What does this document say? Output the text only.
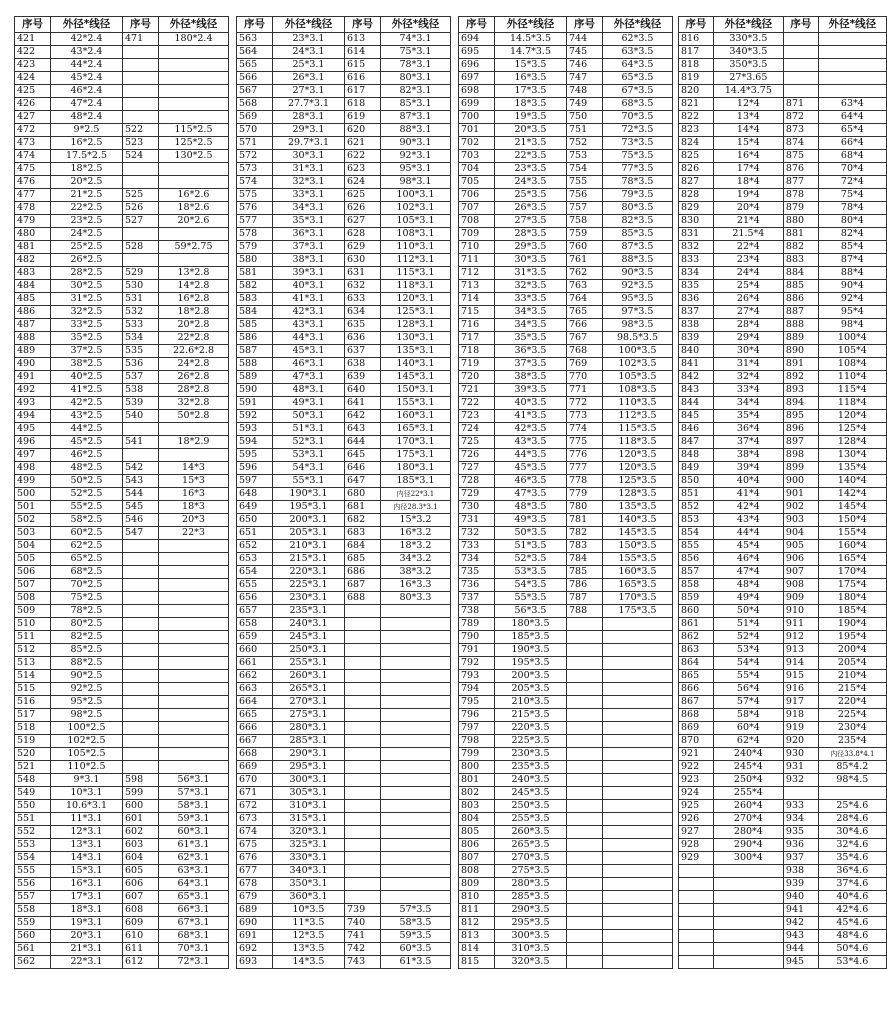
序号	外径*线径	序号	外径*线径
421	42*2.4	471	180*2.4
422	43*2.4		
423	44*2.4		
424	45*2.4		
425	46*2.4		
426	47*2.4		
427	48*2.4		
472	9*2.5	522	115*2.5
473	16*2.5	523	125*2.5
474	17.5*2.5	524	130*2.5
475	18*2.5		
476	20*2.5		
477	21*2.5	525	16*2.6
478	22*2.5	526	18*2.6
479	23*2.5	527	20*2.6
480	24*2.5		
481	25*2.5	528	59*2.75
482	26*2.5		
483	28*2.5	529	13*2.8
484	30*2.5	530	14*2.8
485	31*2.5	531	16*2.8
486	32*2.5	532	18*2.8
487	33*2.5	533	20*2.8
488	35*2.5	534	22*2.8
489	37*2.5	535	22.6*2.8
490	38*2.5	536	24*2.8
491	40*2.5	537	26*2.8
492	41*2.5	538	28*2.8
493	42*2.5	539	32*2.8
494	43*2.5	540	50*2.8
495	44*2.5		
496	45*2.5	541	18*2.9
497	46*2.5		
498	48*2.5	542	14*3
499	50*2.5	543	15*3
500	52*2.5	544	16*3
501	55*2.5	545	18*3
502	58*2.5	546	20*3
503	60*2.5	547	22*3
504	62*2.5		
505	65*2.5		
506	68*2.5		
507	70*2.5		
508	75*2.5		
509	78*2.5		
510	80*2.5		
511	82*2.5		
512	85*2.5		
513	88*2.5		
514	90*2.5		
515	92*2.5		
516	95*2.5		
517	98*2.5		
518	100*2.5		
519	102*2.5		
520	105*2.5		
521	110*2.5		
548	9*3.1	598	56*3.1
549	10*3.1	599	57*3.1
550	10.6*3.1	600	58*3.1
551	11*3.1	601	59*3.1
552	12*3.1	602	60*3.1
553	13*3.1	603	61*3.1
554	14*3.1	604	62*3.1
555	15*3.1	605	63*3.1
556	16*3.1	606	64*3.1
557	17*3.1	607	65*3.1
558	18*3.1	608	66*3.1
559	19*3.1	609	67*3.1
560	20*3.1	610	68*3.1
561	21*3.1	611	70*3.1
562	22*3.1	612	72*3.1
序号	外径*线径	序号	外径*线径
563	23*3.1	613	74*3.1
564	24*3.1	614	75*3.1
565	25*3.1	615	78*3.1
566	26*3.1	616	80*3.1
567	27*3.1	617	82*3.1
568	27.7*3.1	618	85*3.1
569	28*3.1	619	87*3.1
570	29*3.1	620	88*3.1
571	29.7*3.1	621	90*3.1
572	30*3.1	622	92*3.1
573	31*3.1	623	95*3.1
574	32*3.1	624	98*3.1
575	33*3.1	625	100*3.1
576	34*3.1	626	102*3.1
577	35*3.1	627	105*3.1
578	36*3.1	628	108*3.1
579	37*3.1	629	110*3.1
580	38*3.1	630	112*3.1
581	39*3.1	631	115*3.1
582	40*3.1	632	118*3.1
583	41*3.1	633	120*3.1
584	42*3.1	634	125*3.1
585	43*3.1	635	128*3.1
586	44*3.1	636	130*3.1
587	45*3.1	637	135*3.1
588	46*3.1	638	140*3.1
589	47*3.1	639	145*3.1
590	48*3.1	640	150*3.1
591	49*3.1	641	155*3.1
592	50*3.1	642	160*3.1
593	51*3.1	643	165*3.1
594	52*3.1	644	170*3.1
595	53*3.1	645	175*3.1
596	54*3.1	646	180*3.1
597	55*3.1	647	185*3.1
648	190*3.1	680	内径22*3.1
649	195*3.1	681	内径28.3*3.1
650	200*3.1	682	15*3.2
651	205*3.1	683	16*3.2
652	210*3.1	684	18*3.2
653	215*3.1	685	34*3.2
654	220*3.1	686	38*3.2
655	225*3.1	687	16*3.3
656	230*3.1	688	80*3.3
657	235*3.1		
658	240*3.1		
659	245*3.1		
660	250*3.1		
661	255*3.1		
662	260*3.1		
663	265*3.1		
664	270*3.1		
665	275*3.1		
666	280*3.1		
667	285*3.1		
668	290*3.1		
669	295*3.1		
670	300*3.1		
671	305*3.1		
672	310*3.1		
673	315*3.1		
674	320*3.1		
675	325*3.1		
676	330*3.1		
677	340*3.1		
678	350*3.1		
679	360*3.1		
689	10*3.5	739	57*3.5
690	11*3.5	740	58*3.5
691	12*3.5	741	59*3.5
692	13*3.5	742	60*3.5
693	14*3.5	743	61*3.5
序号	外径*线径	序号	外径*线径
694	14.5*3.5	744	62*3.5
695	14.7*3.5	745	63*3.5
696	15*3.5	746	64*3.5
697	16*3.5	747	65*3.5
698	17*3.5	748	67*3.5
699	18*3.5	749	68*3.5
700	19*3.5	750	70*3.5
701	20*3.5	751	72*3.5
702	21*3.5	752	73*3.5
703	22*3.5	753	75*3.5
704	23*3.5	754	77*3.5
705	24*3.5	755	78*3.5
706	25*3.5	756	79*3.5
707	26*3.5	757	80*3.5
708	27*3.5	758	82*3.5
709	28*3.5	759	85*3.5
710	29*3.5	760	87*3.5
711	30*3.5	761	88*3.5
712	31*3.5	762	90*3.5
713	32*3.5	763	92*3.5
714	33*3.5	764	95*3.5
715	34*3.5	765	97*3.5
716	34*3.5	766	98*3.5
717	35*3.5	767	98.5*3.5
718	36*3.5	768	100*3.5
719	37*3.5	769	102*3.5
720	38*3.5	770	105*3.5
721	39*3.5	771	108*3.5
722	40*3.5	772	110*3.5
723	41*3.5	773	112*3.5
724	42*3.5	774	115*3.5
725	43*3.5	775	118*3.5
726	44*3.5	776	120*3.5
727	45*3.5	777	120*3.5
728	46*3.5	778	125*3.5
729	47*3.5	779	128*3.5
730	48*3.5	780	135*3.5
731	49*3.5	781	140*3.5
732	50*3.5	782	145*3.5
733	51*3.5	783	150*3.5
734	52*3.5	784	155*3.5
735	53*3.5	785	160*3.5
736	54*3.5	786	165*3.5
737	55*3.5	787	170*3.5
738	56*3.5	788	175*3.5
789	180*3.5		
790	185*3.5		
791	190*3.5		
792	195*3.5		
793	200*3.5		
794	205*3.5		
795	210*3.5		
796	215*3.5		
797	220*3.5		
798	225*3.5		
799	230*3.5		
800	235*3.5		
801	240*3.5		
802	245*3.5		
803	250*3.5		
804	255*3.5		
805	260*3.5		
806	265*3.5		
807	270*3.5		
808	275*3.5		
809	280*3.5		
810	285*3.5		
811	290*3.5		
812	295*3.5		
813	300*3.5		
814	310*3.5		
815	320*3.5		
序号	外径*线径	序号	外径*线径
816	330*3.5		
817	340*3.5		
818	350*3.5		
819	27*3.65		
820	14.4*3.75		
821	12*4	871	63*4
822	13*4	872	64*4
823	14*4	873	65*4
824	15*4	874	66*4
825	16*4	875	68*4
826	17*4	876	70*4
827	18*4	877	72*4
828	19*4	878	75*4
829	20*4	879	78*4
830	21*4	880	80*4
831	21.5*4	881	82*4
832	22*4	882	85*4
833	23*4	883	87*4
834	24*4	884	88*4
835	25*4	885	90*4
836	26*4	886	92*4
837	27*4	887	95*4
838	28*4	888	98*4
839	29*4	889	100*4
840	30*4	890	105*4
841	31*4	891	108*4
842	32*4	892	110*4
843	33*4	893	115*4
844	34*4	894	118*4
845	35*4	895	120*4
846	36*4	896	125*4
847	37*4	897	128*4
848	38*4	898	130*4
849	39*4	899	135*4
850	40*4	900	140*4
851	41*4	901	142*4
852	42*4	902	145*4
853	43*4	903	150*4
854	44*4	904	155*4
855	45*4	905	160*4
856	46*4	906	165*4
857	47*4	907	170*4
858	48*4	908	175*4
859	49*4	909	180*4
860	50*4	910	185*4
861	51*4	911	190*4
862	52*4	912	195*4
863	53*4	913	200*4
864	54*4	914	205*4
865	55*4	915	210*4
866	56*4	916	215*4
867	57*4	917	220*4
868	58*4	918	225*4
869	60*4	919	230*4
870	62*4	920	235*4
921	240*4	930	内径33.8*4.1
922	245*4	931	85*4.2
923	250*4	932	98*4.5
924	255*4		
925	260*4	933	25*4.6
926	270*4	934	28*4.6
927	280*4	935	30*4.6
928	290*4	936	32*4.6
929	300*4	937	35*4.6
		938	36*4.6
		939	37*4.6
		940	40*4.6
		941	42*4.6
		942	45*4.6
		943	48*4.6
		944	50*4.6
		945	53*4.6
